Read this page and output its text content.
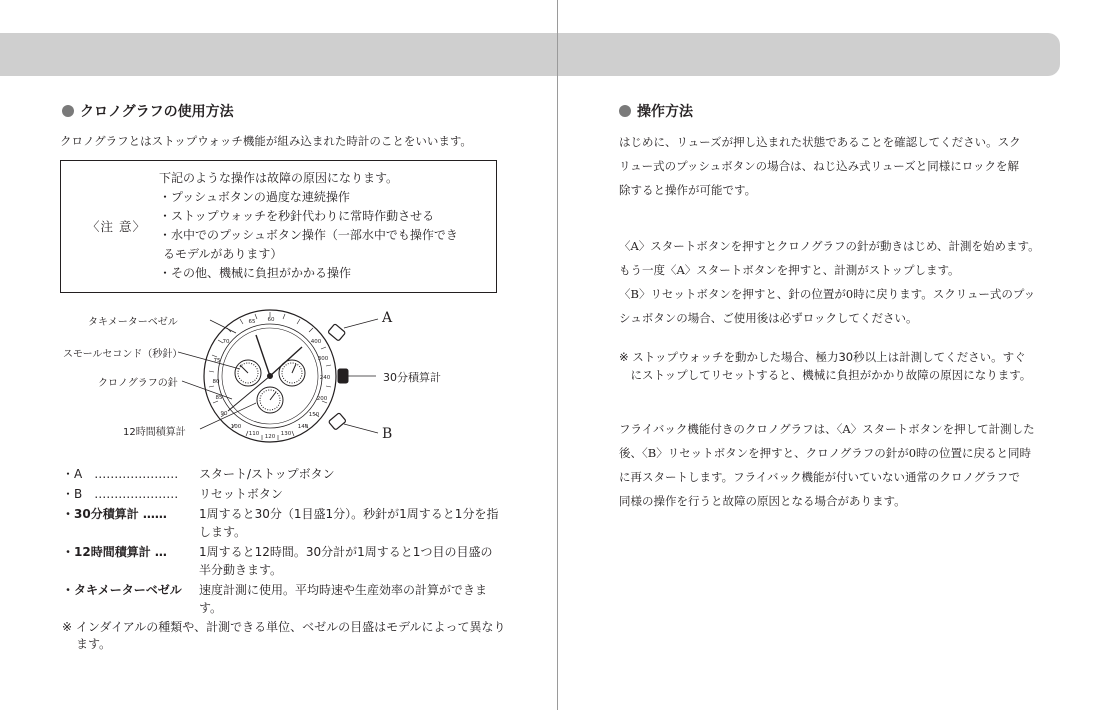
クロノグラフの使用方法
クロノグラフとはストップウォッチ機能が組み込まれた時計のことをいいます。
〈注 意〉
下記のような操作は故障の原因になります。
・プッシュボタンの過度な連続操作
・ストップウォッチを秒針代わりに常時作動させる
・水中でのプッシュボタン操作（一部水中でも操作でき
るモデルがあります）
・その他、機械に負担がかかる操作
60
65
70
75
80
85
90
100
110 120 130
140
150
200
240
300
400
タキメーターベゼル
スモールセコンド（秒針）
クロノグラフの針
12時間積算計
A
30分積算計
B
・A　…………………	スタート/ストップボタン
・B　…………………	リセットボタン
・30分積算計 ……	1周すると30分（1目盛1分）。秒針が1周すると1分を指します。
・12時間積算計 …	1周すると12時間。30分計が1周すると1つ目の目盛の半分動きます。
・タキメーターベゼル	速度計測に使用。平均時速や生産効率の計算ができます。
※ インダイアルの種類や、計測できる単位、ベゼルの目盛はモデルによって異なります。
操作方法
はじめに、リューズが押し込まれた状態であることを確認してください。スク
リュー式のプッシュボタンの場合は、ねじ込み式リューズと同様にロックを解
除すると操作が可能です。
〈A〉スタートボタンを押すとクロノグラフの針が動きはじめ、計測を始めます。
もう一度〈A〉スタートボタンを押すと、計測がストップします。
〈B〉リセットボタンを押すと、針の位置が0時に戻ります。スクリュー式のプッ
シュボタンの場合、ご使用後は必ずロックしてください。
※ ストップウォッチを動かした場合、極力30秒以上は計測してください。すぐ
　にストップしてリセットすると、機械に負担がかかり故障の原因になります。
フライバック機能付きのクロノグラフは、〈A〉スタートボタンを押して計測した
後、〈B〉リセットボタンを押すと、クロノグラフの針が0時の位置に戻ると同時
に再スタートします。フライバック機能が付いていない通常のクロノグラフで
同様の操作を行うと故障の原因となる場合があります。
